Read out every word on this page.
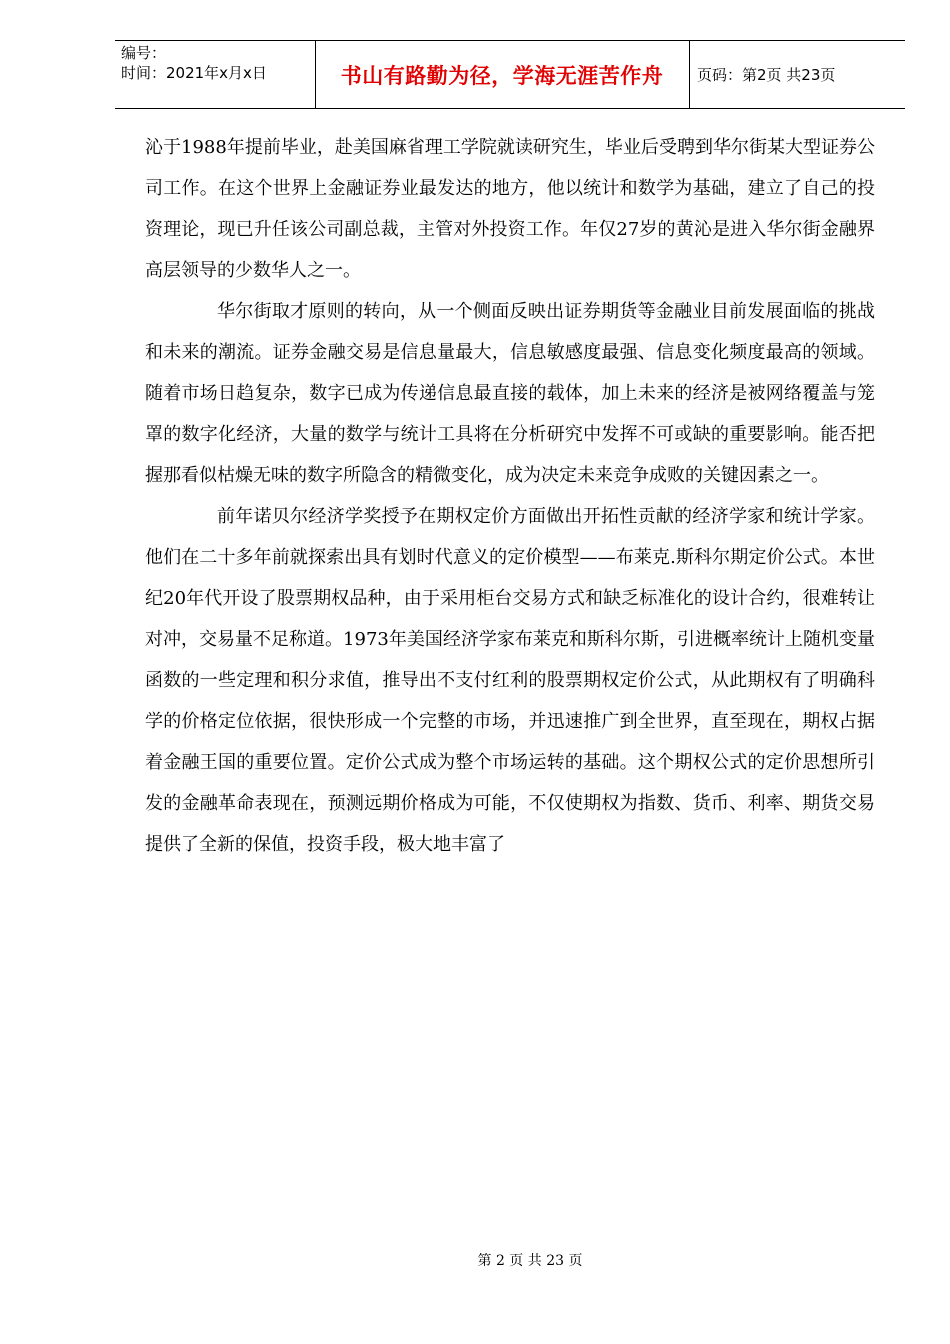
编号：
时间：2021年x月x日	书山有路勤为径，学海无涯苦作舟	页码：第2页 共23页

沁于1988年提前毕业，赴美国麻省理工学院就读研究生，毕业后受聘到华尔街某大型证券公司工作。在这个世界上金融证券业最发达的地方，他以统计和数学为基础，建立了自己的投资理论，现已升任该公司副总裁，主管对外投资工作。年仅27岁的黄沁是进入华尔街金融界高层领导的少数华人之一。

华尔街取才原则的转向，从一个侧面反映出证券期货等金融业目前发展面临的挑战和未来的潮流。证券金融交易是信息量最大，信息敏感度最强、信息变化频度最高的领域。随着市场日趋复杂，数字已成为传递信息最直接的载体，加上未来的经济是被网络覆盖与笼罩的数字化经济，大量的数学与统计工具将在分析研究中发挥不可或缺的重要影响。能否把握那看似枯燥无味的数字所隐含的精微变化，成为决定未来竞争成败的关键因素之一。

前年诺贝尔经济学奖授予在期权定价方面做出开拓性贡献的经济学家和统计学家。他们在二十多年前就探索出具有划时代意义的定价模型——布莱克.斯科尔期定价公式。本世纪20年代开设了股票期权品种，由于采用柜台交易方式和缺乏标准化的设计合约，很难转让对冲，交易量不足称道。1973年美国经济学家布莱克和斯科尔斯，引进概率统计上随机变量函数的一些定理和积分求值，推导出不支付红利的股票期权定价公式，从此期权有了明确科学的价格定位依据，很快形成一个完整的市场，并迅速推广到全世界，直至现在，期权占据着金融王国的重要位置。定价公式成为整个市场运转的基础。这个期权公式的定价思想所引发的金融革命表现在，预测远期价格成为可能，不仅使期权为指数、货币、利率、期货交易提供了全新的保值，投资手段，极大地丰富了

第 2 页 共 23 页
